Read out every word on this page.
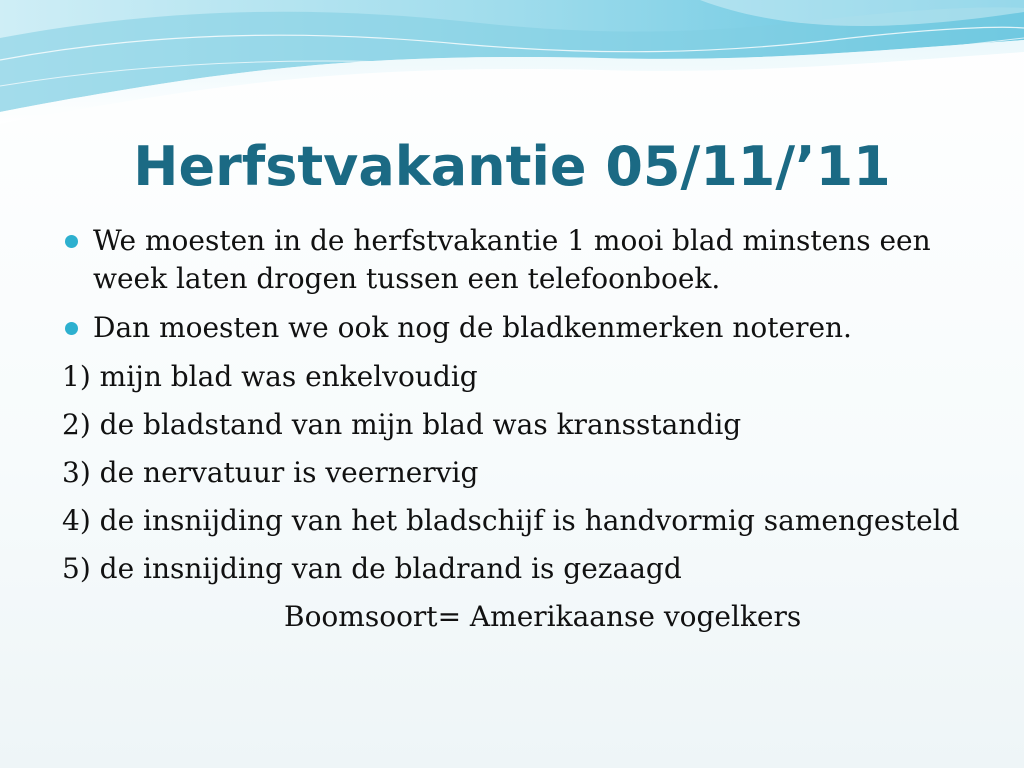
Herfstvakantie 05/11/’11

We moesten in de herfstvakantie 1 mooi blad minstens een week laten drogen tussen een telefoonboek.

Dan moesten we ook nog de bladkenmerken noteren.

1) mijn blad was enkelvoudig

2) de bladstand van mijn blad was kransstandig

3) de nervatuur is veernervig

4) de insnijding van het bladschijf is handvormig samengesteld

5) de insnijding van de bladrand is gezaagd

Boomsoort= Amerikaanse vogelkers
